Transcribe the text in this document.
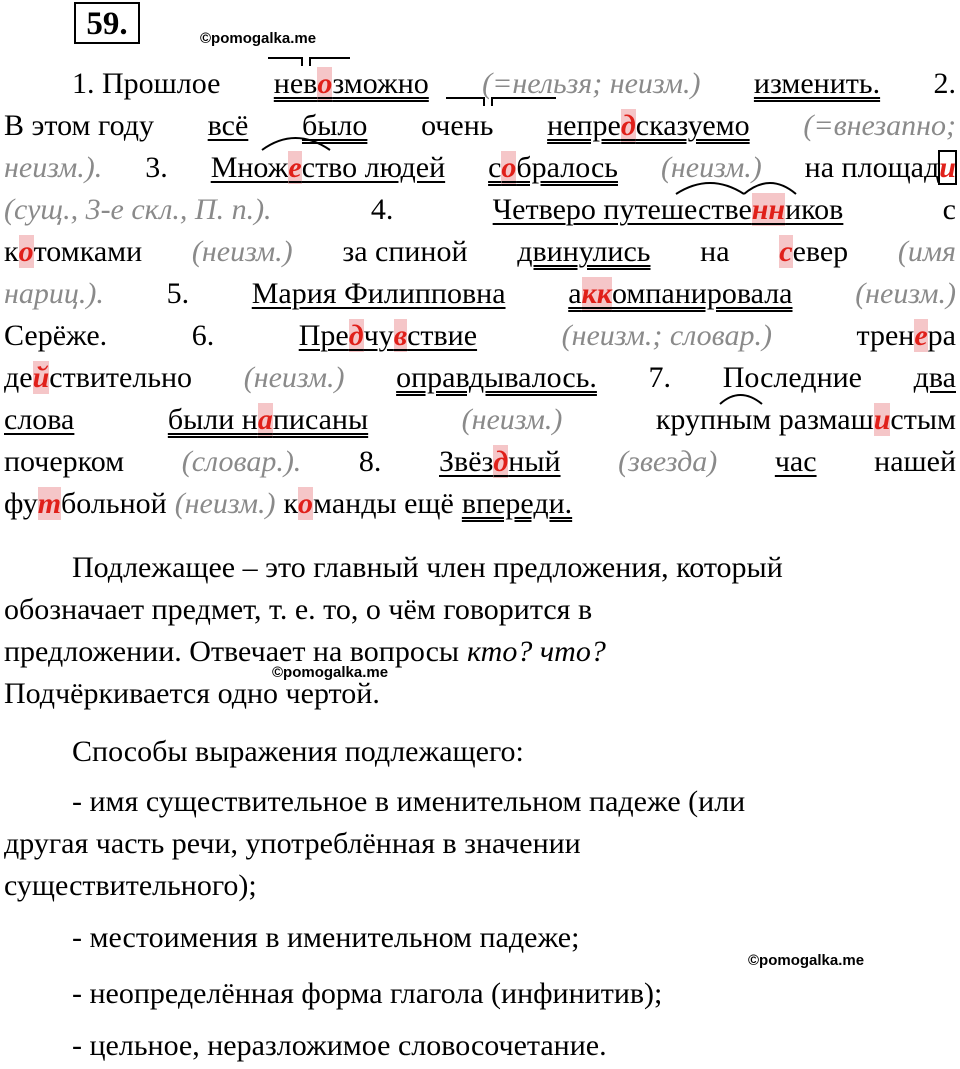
59.	©pomogalka.me
1. Прошлое невозможно (=нельзя; неизм.) изменить. 2.
В этом году всё было очень непредсказуемо (=внезапно;
неизм.). 3. Множество людей собралось (неизм.) на площади
(сущ., 3-е скл., П. п.).	4.	Четверо путешественников	с
котомками (неизм.) за спиной двинулись на север (имя
нариц.). 5. Мария Филипповна аккомпанировала (неизм.)
Серёже.	6.	Предчувствие	(неизм.; словар.)	тренера
действительно (неизм.) оправдывалось. 7. Последние два
слова	были написаны	(неизм.)	крупным размашистым
почерком (словар.). 8. Звёздный (звезда) час нашей
футбольной (неизм.) команды ещё впереди.
Подлежащее – это главный член предложения, который
обозначает предмет, т. е. то, о чём говорится в
предложении. Отвечает на вопросы кто? что?
©pomogalka.me
Подчёркивается одно чертой.
Способы выражения подлежащего:
- имя существительное в именительном падеже (или
другая часть речи, употреблённая в значении
существительного);
- местоимения в именительном падеже;
©pomogalka.me
- неопределённая форма глагола (инфинитив);
- цельное, неразложимое словосочетание.
